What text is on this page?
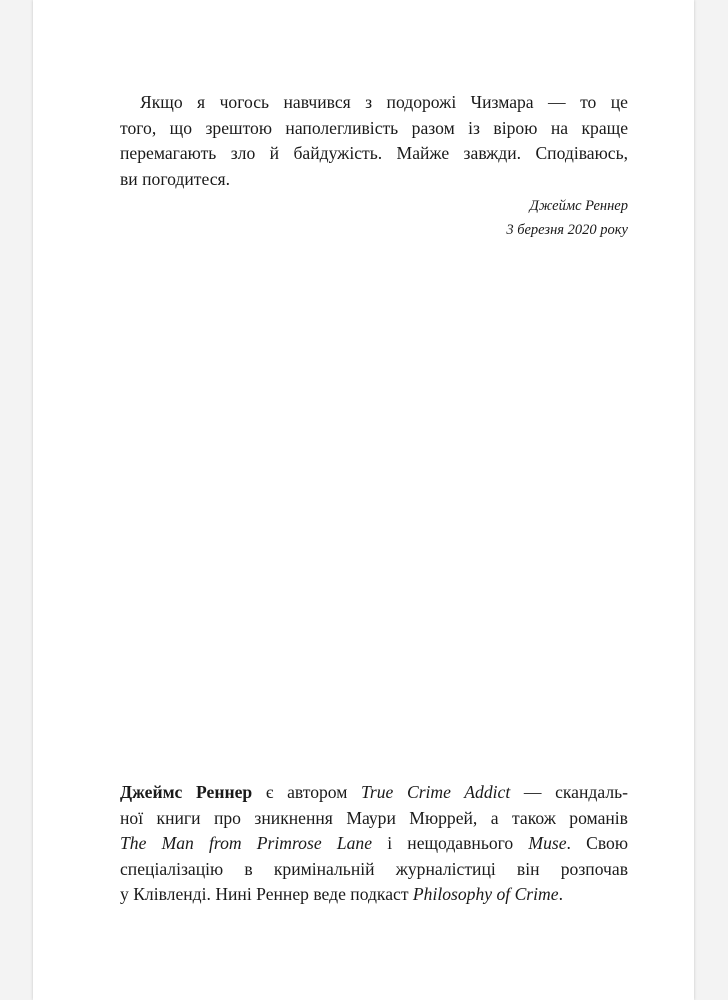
Якщо я чогось навчився з подорожі Чизмара — то це
того, що зрештою наполегливість разом із вірою на краще
перемагають зло й байдужість. Майже завжди. Сподіваюсь,
ви погодитеся.
Джеймс Реннер
3 березня 2020 року
Джеймс Реннер є автором True Crime Addict — скандаль-
ної книги про зникнення Маури Мюррей, а також романів
The Man from Primrose Lane і нещодавнього Muse. Свою
спеціалізацію в кримінальній журналістиці він розпочав
у Клівленді. Нині Реннер веде подкаст Philosophy of Crime.
